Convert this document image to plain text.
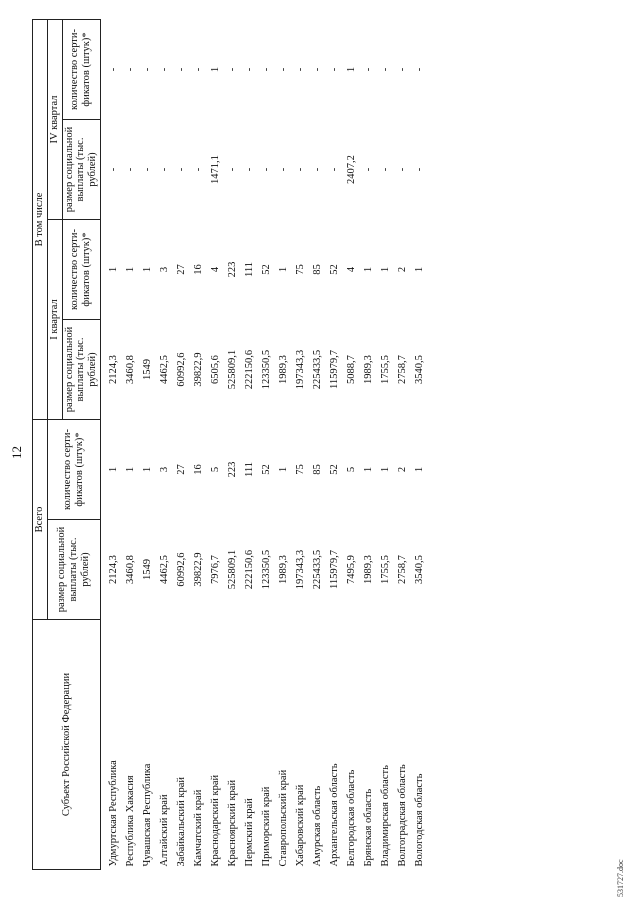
12
Субъект Российской Федерации	Всего		В том числе			
	размер социальной выплаты (тыс. рублей)	количество серти-фикатов (штук)*	I квартал		IV квартал	
			размер социальной выплаты (тыс. рублей)	количество серти-фикатов (штук)*	размер социальной выплаты (тыс. рублей)	количество серти-фикатов (штук)*
Удмуртская Республика	2124,3	1	2124,3	1	-	-
Республика Хакасия	3460,8	1	3460,8	1	-	-
Чувашская Республика	1549	1	1549	1	-	-
Алтайский край	4462,5	3	4462,5	3	-	-
Забайкальский край	60992,6	27	60992,6	27	-	-
Камчатский край	39822,9	16	39822,9	16	-	-
Краснодарский край	7976,7	5	6505,6	4	1471,1	1
Красноярский край	525809,1	223	525809,1	223	-	-
Пермский край	222150,6	111	222150,6	111	-	-
Приморский край	123350,5	52	123350,5	52	-	-
Ставропольский край	1989,3	1	1989,3	1	-	-
Хабаровский край	197343,3	75	197343,3	75	-	-
Амурская область	225433,5	85	225433,5	85	-	-
Архангельская область	115979,7	52	115979,7	52	-	-
Белгородская область	7495,9	5	5088,7	4	2407,2	1
Брянская область	1989,3	1	1989,3	1	-	-
Владимирская область	1755,5	1	1755,5	1	-	-
Волгоградская область	2758,7	2	2758,7	2	-	-
Вологодская область	3540,5	1	3540,5	1	-	-
531727.doc
